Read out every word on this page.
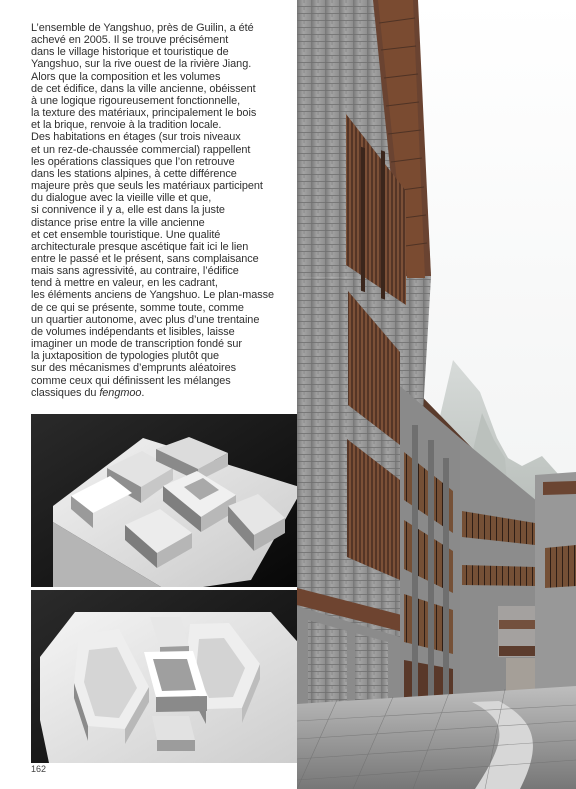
L’ensemble de Yangshuo, près de Guilin, a été
achevé en 2005. Il se trouve précisément
dans le village historique et touristique de
Yangshuo, sur la rive ouest de la rivière Jiang.
Alors que la composition et les volumes
de cet édifice, dans la ville ancienne, obéissent
à une logique rigoureusement fonctionnelle,
la texture des matériaux, principalement le bois
et la brique, renvoie à la tradition locale.
Des habitations en étages (sur trois niveaux
et un rez-de-chaussée commercial) rappellent
les opérations classiques que l’on retrouve
dans les stations alpines, à cette différence
majeure près que seuls les matériaux participent
du dialogue avec la vieille ville et que,
si connivence il y a, elle est dans la juste
distance prise entre la ville ancienne
et cet ensemble touristique. Une qualité
architecturale presque ascétique fait ici le lien
entre le passé et le présent, sans complaisance
mais sans agressivité, au contraire, l’édifice
tend à mettre en valeur, en les cadrant,
les éléments anciens de Yangshuo. Le plan-masse
de ce qui se présente, somme toute, comme
un quartier autonome, avec plus d’une trentaine
de volumes indépendants et lisibles, laisse
imaginer un mode de transcription fondé sur
la juxtaposition de typologies plutôt que
sur des mécanismes d’emprunts aléatoires
comme ceux qui définissent les mélanges
classiques du fengmoo.
162
